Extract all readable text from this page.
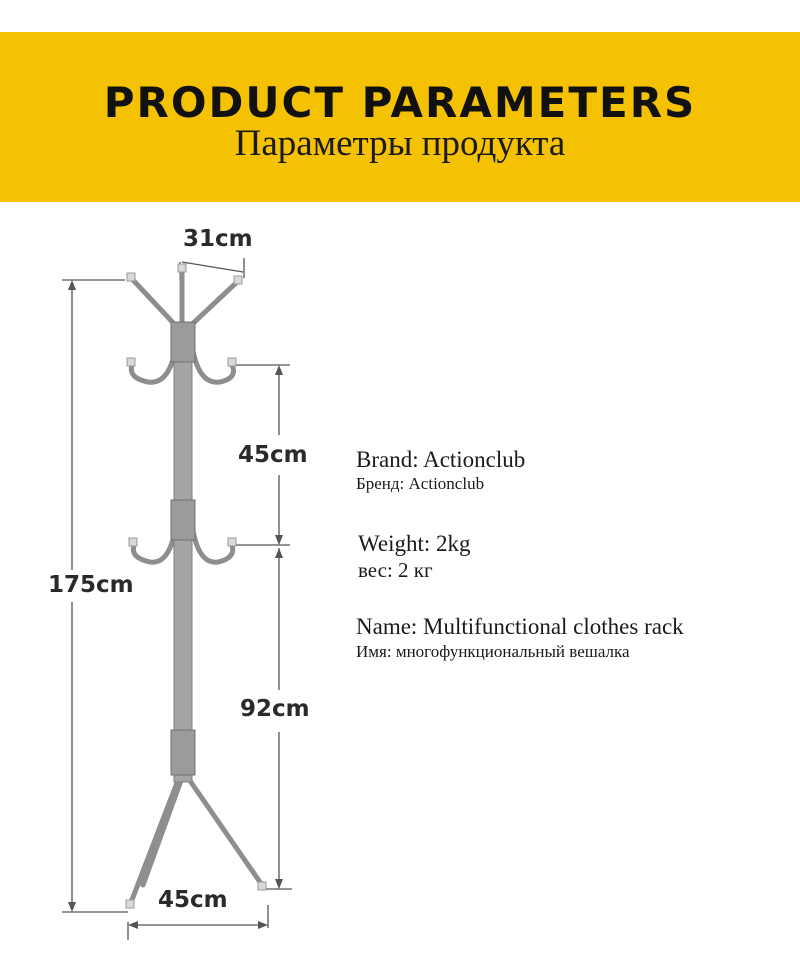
PRODUCT PARAMETERS
Параметры продукта
31cm
45cm
175cm
92cm
45cm
Brand: Actionclub
Бренд: Actionclub
Weight: 2kg
вес: 2 кг
Name: Multifunctional clothes rack
Имя: многофункциональный вешалка
